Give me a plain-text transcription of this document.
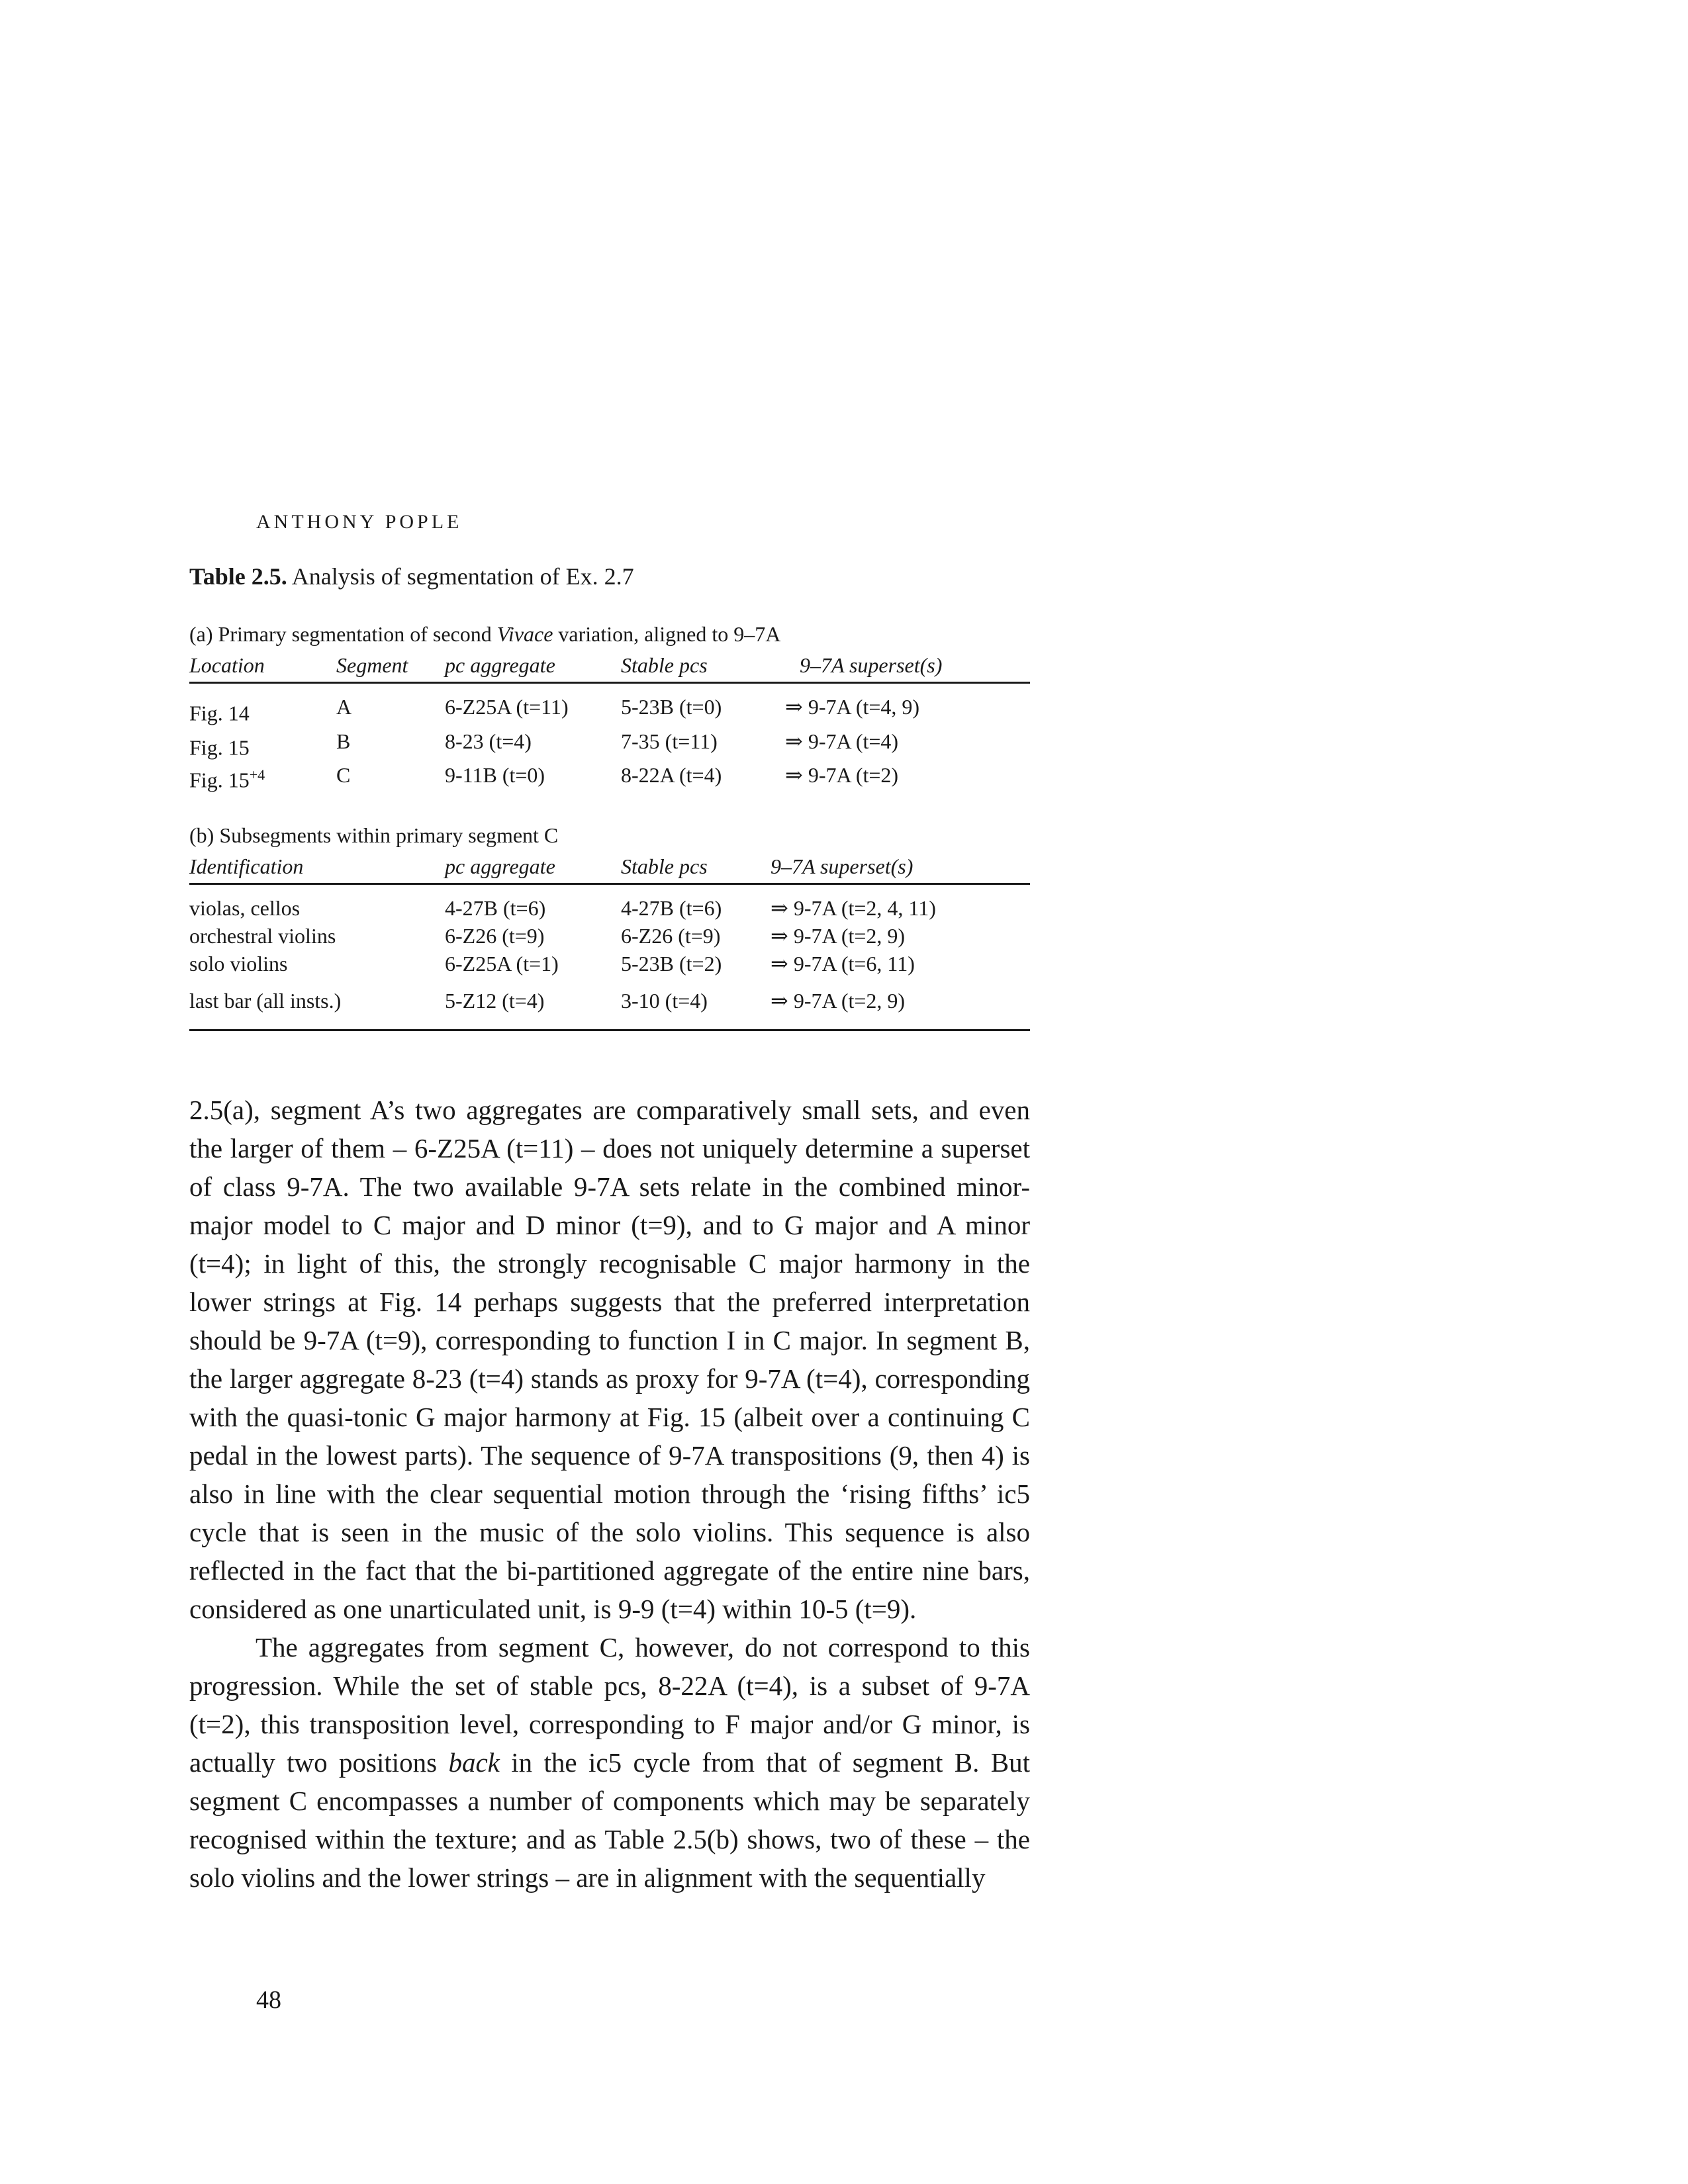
ANTHONY POPLE
Table 2.5. Analysis of segmentation of Ex. 2.7
(a) Primary segmentation of second Vivace variation, aligned to 9–7A
Location	Segment	pc aggregate	Stable pcs	9–7A superset(s)
Fig. 14	A	6-Z25A (t=11)	5-23B (t=0)	⇒ 9-7A (t=4, 9)
Fig. 15	B	8-23 (t=4)	7-35 (t=11)	⇒ 9-7A (t=4)
Fig. $15^{+4}$	C	9-11B (t=0)	8-22A (t=4)	⇒ 9-7A (t=2)
(b) Subsegments within primary segment C
Identification	pc aggregate	Stable pcs	9–7A superset(s)
violas, cellos	4-27B (t=6)	4-27B (t=6)	⇒ 9-7A (t=2, 4, 11)
orchestral violins	6-Z26 (t=9)	6-Z26 (t=9)	⇒ 9-7A (t=2, 9)
solo violins	6-Z25A (t=1)	5-23B (t=2)	⇒ 9-7A (t=6, 11)
last bar (all insts.)	5-Z12 (t=4)	3-10 (t=4)	⇒ 9-7A (t=2, 9)

2.5(a), segment A’s two aggregates are comparatively small sets, and even the larger of them – 6-Z25A (t=11) – does not uniquely determine a superset of class 9-7A. The two available 9-7A sets relate in the combined minor-major model to C major and D minor (t=9), and to G major and A minor (t=4); in light of this, the strongly recognisable C major harmony in the lower strings at Fig. 14 perhaps suggests that the preferred interpretation should be 9-7A (t=9), corresponding to function I in C major. In segment B, the larger aggregate 8-23 (t=4) stands as proxy for 9-7A (t=4), corresponding with the quasi-tonic G major harmony at Fig. 15 (albeit over a continuing C pedal in the lowest parts). The sequence of 9-7A transpositions (9, then 4) is also in line with the clear sequential motion through the ‘rising fifths’ ic5 cycle that is seen in the music of the solo violins. This sequence is also reflected in the fact that the bi-partitioned aggregate of the entire nine bars, considered as one unarticulated unit, is 9-9 (t=4) within 10-5 (t=9).

The aggregates from segment C, however, do not correspond to this progression. While the set of stable pcs, 8-22A (t=4), is a subset of 9-7A (t=2), this transposition level, corresponding to F major and/or G minor, is actually two positions back in the ic5 cycle from that of segment B. But segment C encompasses a number of components which may be separately recognised within the texture; and as Table 2.5(b) shows, two of these – the solo violins and the lower strings – are in alignment with the sequentially

48
